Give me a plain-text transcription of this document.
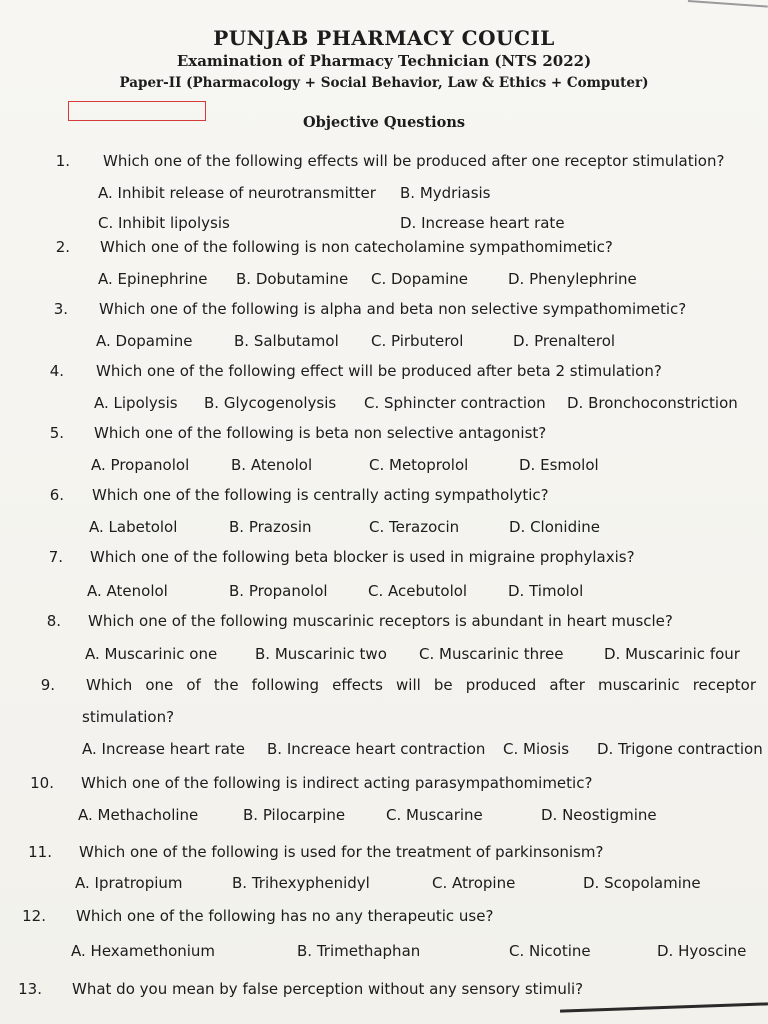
PUNJAB PHARMACY COUCIL
Examination of Pharmacy Technician (NTS 2022)
Paper-II (Pharmacology + Social Behavior, Law & Ethics + Computer)
Objective Questions
1. Which one of the following effects will be produced after one receptor stimulation?
A. Inhibit release of neurotransmitter B. Mydriasis
C. Inhibit lipolysis	D. Increase heart rate
2. Which one of the following is non catecholamine sympathomimetic?
A. Epinephrine B. Dobutamine C. Dopamine	D. Phenylephrine
3. Which one of the following is alpha and beta non selective sympathomimetic?
A. Dopamine	B. Salbutamol C. Pirbuterol	D. Prenalterol
4. Which one of the following effect will be produced after beta 2 stimulation?
A. Lipolysis B. Glycogenolysis C. Sphincter contraction D. Bronchoconstriction
5. Which one of the following is beta non selective antagonist?
A. Propanolol	B. Atenolol	C. Metoprolol	D. Esmolol
6. Which one of the following is centrally acting sympatholytic?
A. Labetolol	B. Prazosin	C. Terazocin	D. Clonidine
7. Which one of the following beta blocker is used in migraine prophylaxis?
A. Atenolol	B. Propanolol	C. Acebutolol	D. Timolol
8. Which one of the following muscarinic receptors is abundant in heart muscle?
A. Muscarinic one	B. Muscarinic two C. Muscarinic three	D. Muscarinic four
9. Which one of the following effects will be produced after muscarinic receptor
stimulation?
A. Increase heart rate B. Increace heart contraction C. Miosis D. Trigone contraction
10. Which one of the following is indirect acting parasympathomimetic?
A. Methacholine	B. Pilocarpine	C. Muscarine	D. Neostigmine
11. Which one of the following is used for the treatment of parkinsonism?
A. Ipratropium	B. Trihexyphenidyl	C. Atropine	D. Scopolamine
12. Which one of the following has no any therapeutic use?
A. Hexamethonium	B. Trimethaphan	C. Nicotine	D. Hyoscine
13. What do you mean by false perception without any sensory stimuli?
